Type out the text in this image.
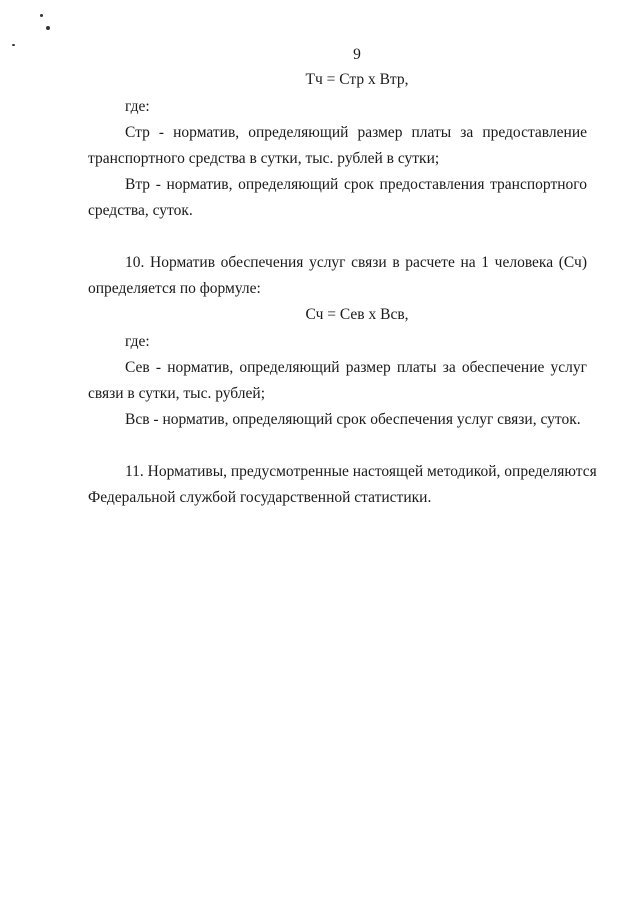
9
Тч = Стр х Втр,
где:
Стр - норматив, определяющий размер платы за предоставление
транспортного средства в сутки, тыс. рублей в сутки;
Втр - норматив, определяющий срок предоставления транспортного
средства, суток.
10. Норматив обеспечения услуг связи в расчете на 1 человека (Сч)
определяется по формуле:
Сч = Сев х Всв,
где:
Сев - норматив, определяющий размер платы за обеспечение услуг
связи в сутки, тыс. рублей;
Всв - норматив, определяющий срок обеспечения услуг связи, суток.
11. Нормативы, предусмотренные настоящей методикой, определяются
Федеральной службой государственной статистики.
